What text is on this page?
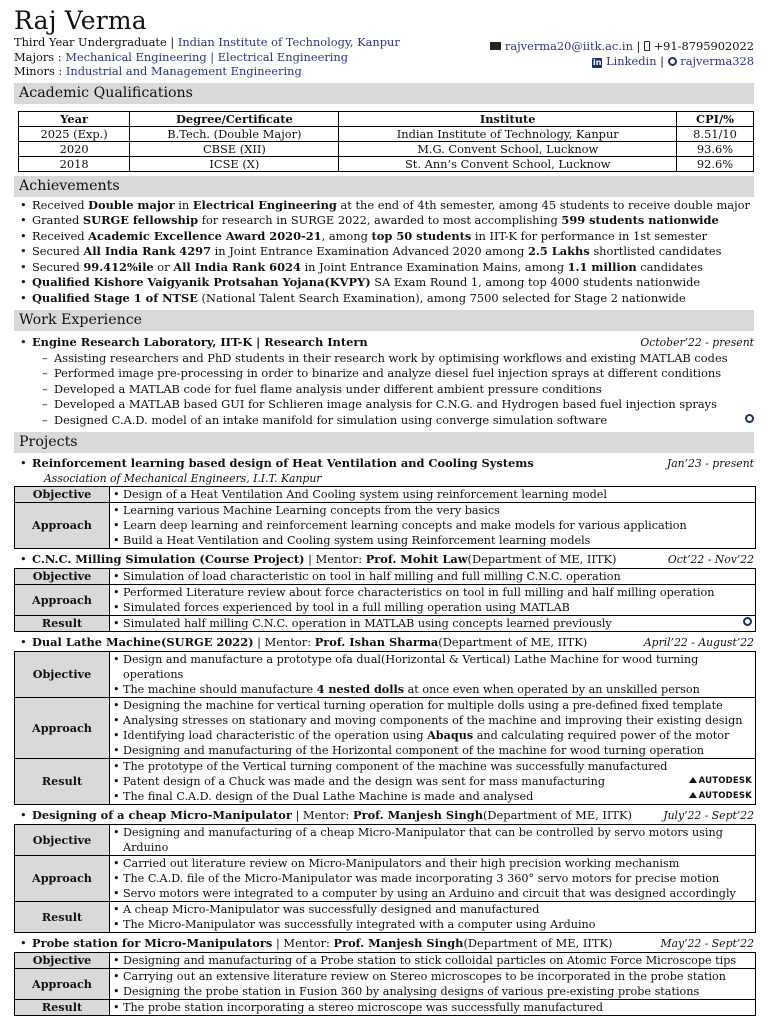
Raj Verma
Third Year Undergraduate | Indian Institute of Technology, Kanpur
Majors : Mechanical Engineering | Electrical Engineering
Minors : Industrial and Management Engineering
rajverma20@iitk.ac.in |  +91-8795902022
in Linkedin |  rajverma328
Academic Qualifications
Year	Degree/Certificate	Institute	CPI/%
2025 (Exp.)	B.Tech. (Double Major)	Indian Institute of Technology, Kanpur	8.51/10
2020	CBSE (XII)	M.G. Convent School, Lucknow	93.6%
2018	ICSE (X)	St. Ann’s Convent School, Lucknow	92.6%
Achievements
• Received Double major in Electrical Engineering at the end of 4th semester, among 45 students to receive double major
• Granted SURGE fellowship for research in SURGE 2022, awarded to most accomplishing 599 students nationwide
• Received Academic Excellence Award 2020-21, among top 50 students in IIT-K for performance in 1st semester
• Secured All India Rank 4297 in Joint Entrance Examination Advanced 2020 among 2.5 Lakhs shortlisted candidates
• Secured 99.412%ile or All India Rank 6024 in Joint Entrance Examination Mains, among 1.1 million candidates
• Qualified Kishore Vaigyanik Protsahan Yojana(KVPY) SA Exam Round 1, among top 4000 students nationwide
• Qualified Stage 1 of NTSE (National Talent Search Examination), among 7500 selected for Stage 2 nationwide
Work Experience
• Engine Research Laboratory, IIT-K | Research Intern	October’22 - present
– Assisting researchers and PhD students in their research work by optimising workflows and existing MATLAB codes
– Performed image pre-processing in order to binarize and analyze diesel fuel injection sprays at different conditions
– Developed a MATLAB code for fuel flame analysis under different ambient pressure conditions
– Developed a MATLAB based GUI for Schlieren image analysis for C.N.G. and Hydrogen based fuel injection sprays
– Designed C.A.D. model of an intake manifold for simulation using converge simulation software
Projects
• Reinforcement learning based design of Heat Ventilation and Cooling Systems	Jan’23 - present
Association of Mechanical Engineers, I.I.T. Kanpur
Objective	• Design of a Heat Ventilation And Cooling system using reinforcement learning model

Approach	• Learning various Machine Learning concepts from the very basics
• Learn deep learning and reinforcement learning concepts and make models for various application
• Build a Heat Ventilation and Cooling system using Reinforcement learning models
• C.N.C. Milling Simulation (Course Project) | Mentor: Prof. Mohit Law(Department of ME, IITK)	Oct’22 - Nov’22
Objective	• Simulation of load characteristic on tool in half milling and full milling C.N.C. operation

Approach	• Performed Literature review about force characteristics on tool in full milling and half milling operation
• Simulated forces experienced by tool in a full milling operation using MATLAB

Result	• Simulated half milling C.N.C. operation in MATLAB using concepts learned previously
• Dual Lathe Machine(SURGE 2022) | Mentor: Prof. Ishan Sharma(Department of ME, IITK)	April’22 - August’22
Objective	• Design and manufacture a prototype ofa dual(Horizontal & Vertical) Lathe Machine for wood turning operations
• The machine should manufacture 4 nested dolls at once even when operated by an unskilled person

Approach	• Designing the machine for vertical turning operation for multiple dolls using a pre-defined fixed template
• Analysing stresses on stationary and moving components of the machine and improving their existing design
• Identifying load characteristic of the operation using Abaqus and calculating required power of the motor
• Designing and manufacturing of the Horizontal component of the machine for wood turning operation

Result	• The prototype of the Vertical turning component of the machine was successfully manufactured
• Patent design of a Chuck was made and the design was sent for mass manufacturing AUTODESK
• The final C.A.D. design of the Dual Lathe Machine is made and analysed AUTODESK
• Designing of a cheap Micro-Manipulator | Mentor: Prof. Manjesh Singh(Department of ME, IITK)	July’22 - Sept’22
Objective	• Designing and manufacturing of a cheap Micro-Manipulator that can be controlled by servo motors using Arduino

Approach	• Carried out literature review on Micro-Manipulators and their high precision working mechanism
• The C.A.D. file of the Micro-Manipulator was made incorporating 3 360° servo motors for precise motion
• Servo motors were integrated to a computer by using an Arduino and circuit that was designed accordingly

Result	• A cheap Micro-Manipulator was successfully designed and manufactured
• The Micro-Manipulator was successfully integrated with a computer using Arduino
• Probe station for Micro-Manipulators | Mentor: Prof. Manjesh Singh(Department of ME, IITK)	May’22 - Sept’22
Objective	• Designing and manufacturing of a Probe station to stick colloidal particles on Atomic Force Microscope tips

Approach	• Carrying out an extensive literature review on Stereo microscopes to be incorporated in the probe station
• Designing the probe station in Fusion 360 by analysing designs of various pre-existing probe stations

Result	• The probe station incorporating a stereo microscope was successfully manufactured
